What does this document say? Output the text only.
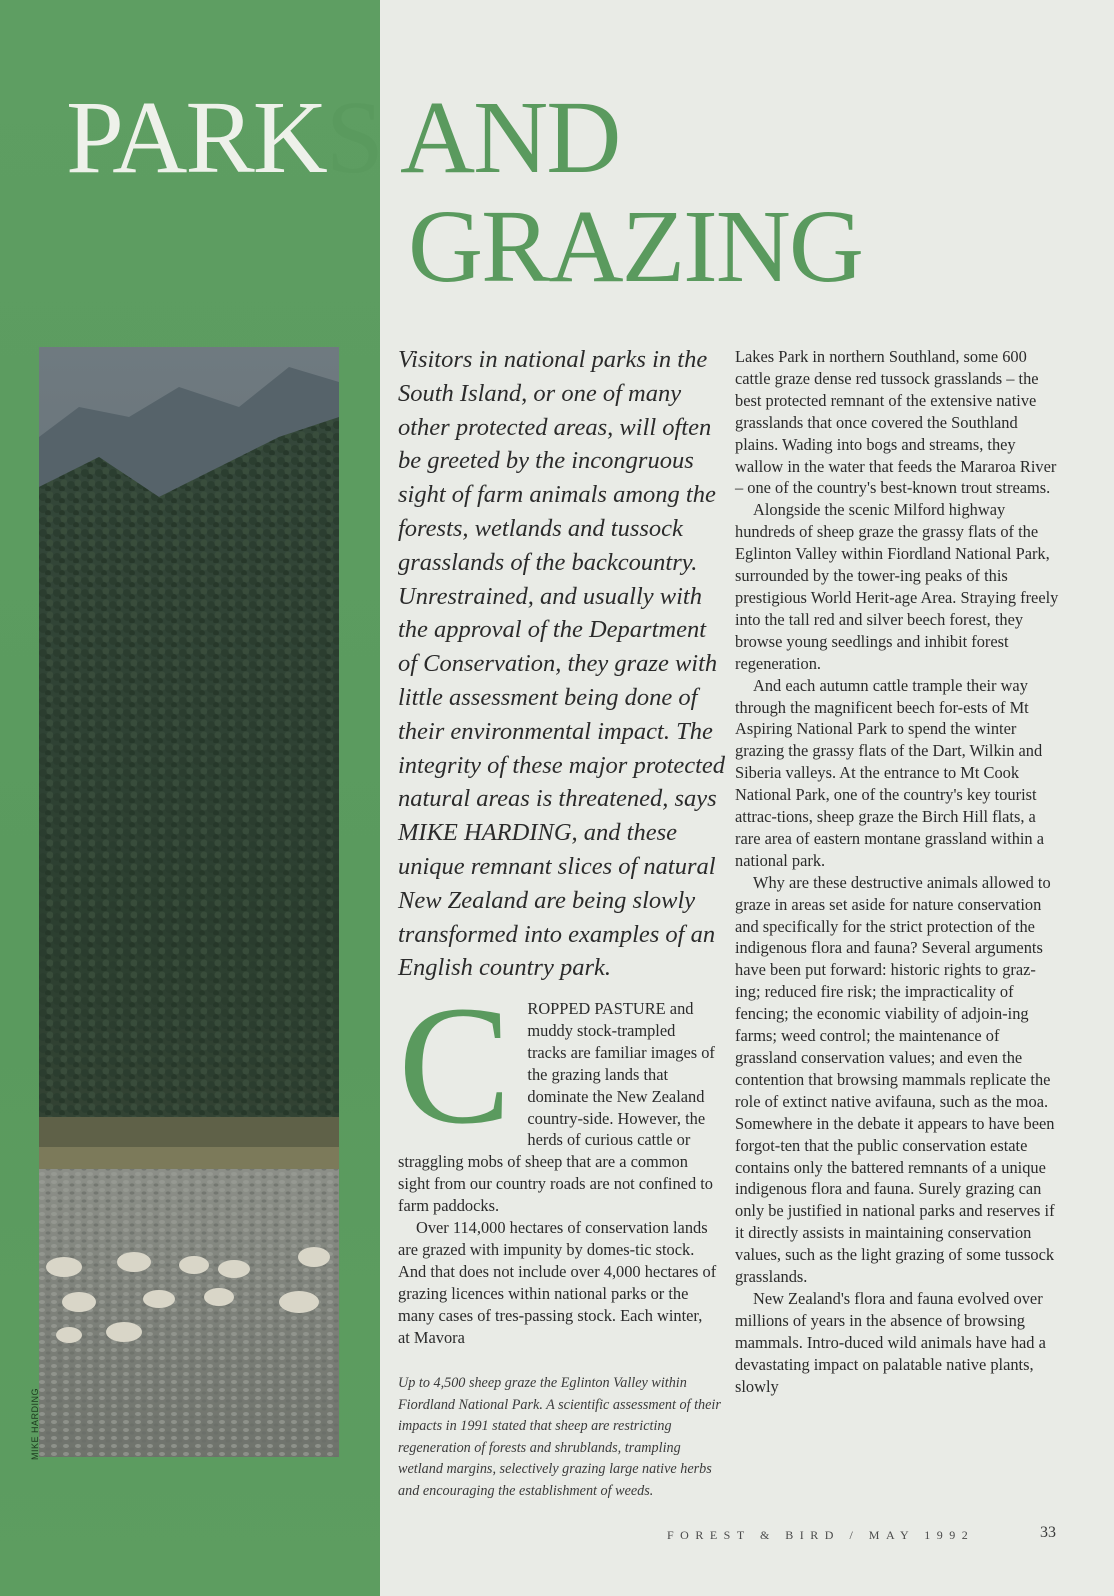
PARKS AND
GRAZING

Visitors in national parks in the South Island, or one of many other protected areas, will often be greeted by the incongruous sight of farm animals among the forests, wetlands and tussock grasslands of the backcountry. Unrestrained, and usually with the approval of the Department of Conservation, they graze with little assessment being done of their environmental impact. The integrity of these major protected natural areas is threatened, says MIKE HARDING, and these unique remnant slices of natural New Zealand are being slowly transformed into examples of an English country park.

CROPPED PASTURE and muddy stock-trampled tracks are familiar images of the grazing lands that dominate the New Zealand country-side. However, the herds of curious cattle or straggling mobs of sheep that are a common sight from our country roads are not confined to farm paddocks.

Over 114,000 hectares of conservation lands are grazed with impunity by domes-tic stock. And that does not include over 4,000 hectares of grazing licences within national parks or the many cases of tres-passing stock. Each winter, at Mavora

Up to 4,500 sheep graze the Eglinton Valley within Fiordland National Park. A scientific assessment of their impacts in 1991 stated that sheep are restricting regeneration of forests and shrublands, trampling wetland margins, selectively grazing large native herbs and encouraging the establishment of weeds.

Lakes Park in northern Southland, some 600 cattle graze dense red tussock grasslands – the best protected remnant of the extensive native grasslands that once covered the Southland plains. Wading into bogs and streams, they wallow in the water that feeds the Mararoa River – one of the country's best-known trout streams.

Alongside the scenic Milford highway hundreds of sheep graze the grassy flats of the Eglinton Valley within Fiordland National Park, surrounded by the tower-ing peaks of this prestigious World Herit-age Area. Straying freely into the tall red and silver beech forest, they browse young seedlings and inhibit forest regeneration.

And each autumn cattle trample their way through the magnificent beech for-ests of Mt Aspiring National Park to spend the winter grazing the grassy flats of the Dart, Wilkin and Siberia valleys. At the entrance to Mt Cook National Park, one of the country's key tourist attrac-tions, sheep graze the Birch Hill flats, a rare area of eastern montane grassland within a national park.

Why are these destructive animals allowed to graze in areas set aside for nature conservation and specifically for the strict protection of the indigenous flora and fauna? Several arguments have been put forward: historic rights to graz-ing; reduced fire risk; the impracticality of fencing; the economic viability of adjoin-ing farms; weed control; the maintenance of grassland conservation values; and even the contention that browsing mammals replicate the role of extinct native avifauna, such as the moa. Somewhere in the debate it appears to have been forgot-ten that the public conservation estate contains only the battered remnants of a unique indigenous flora and fauna. Surely grazing can only be justified in national parks and reserves if it directly assists in maintaining conservation values, such as the light grazing of some tussock grasslands.

New Zealand's flora and fauna evolved over millions of years in the absence of browsing mammals. Intro-duced wild animals have had a devastating impact on palatable native plants, slowly

FOREST & BIRD / MAY 1992	33
